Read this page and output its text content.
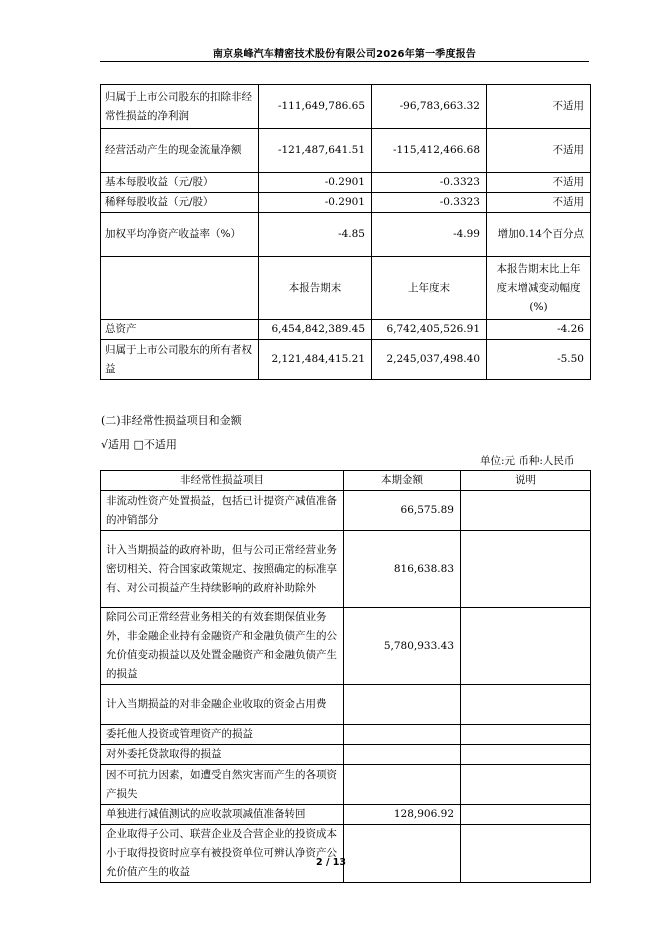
南京泉峰汽车精密技术股份有限公司2026年第一季度报告
归属于上市公司股东的扣除非经常性损益的净利润	-111,649,786.65	-96,783,663.32	不适用
经营活动产生的现金流量净额	-121,487,641.51	-115,412,466.68	不适用
基本每股收益（元/股）	-0.2901	-0.3323	不适用
稀释每股收益（元/股）	-0.2901	-0.3323	不适用
加权平均净资产收益率（%）	-4.85	-4.99	增加0.14个百分点
	本报告期末	上年度末	本报告期末比上年度末增减变动幅度(%)
总资产	6,454,842,389.45	6,742,405,526.91	-4.26
归属于上市公司股东的所有者权益	2,121,484,415.21	2,245,037,498.40	-5.50
(二)非经常性损益项目和金额
√适用 □不适用
单位:元 币种:人民币
非经常性损益项目	本期金额	说明
非流动性资产处置损益，包括已计提资产减值准备的冲销部分	66,575.89	
计入当期损益的政府补助，但与公司正常经营业务密切相关、符合国家政策规定、按照确定的标准享有、对公司损益产生持续影响的政府补助除外	816,638.83	
除同公司正常经营业务相关的有效套期保值业务外，非金融企业持有金融资产和金融负债产生的公允价值变动损益以及处置金融资产和金融负债产生的损益	5,780,933.43	
计入当期损益的对非金融企业收取的资金占用费		
委托他人投资或管理资产的损益		
对外委托贷款取得的损益		
因不可抗力因素，如遭受自然灾害而产生的各项资产损失		
单独进行减值测试的应收款项减值准备转回	128,906.92	
企业取得子公司、联营企业及合营企业的投资成本小于取得投资时应享有被投资单位可辨认净资产公允价值产生的收益		
2 / 13
